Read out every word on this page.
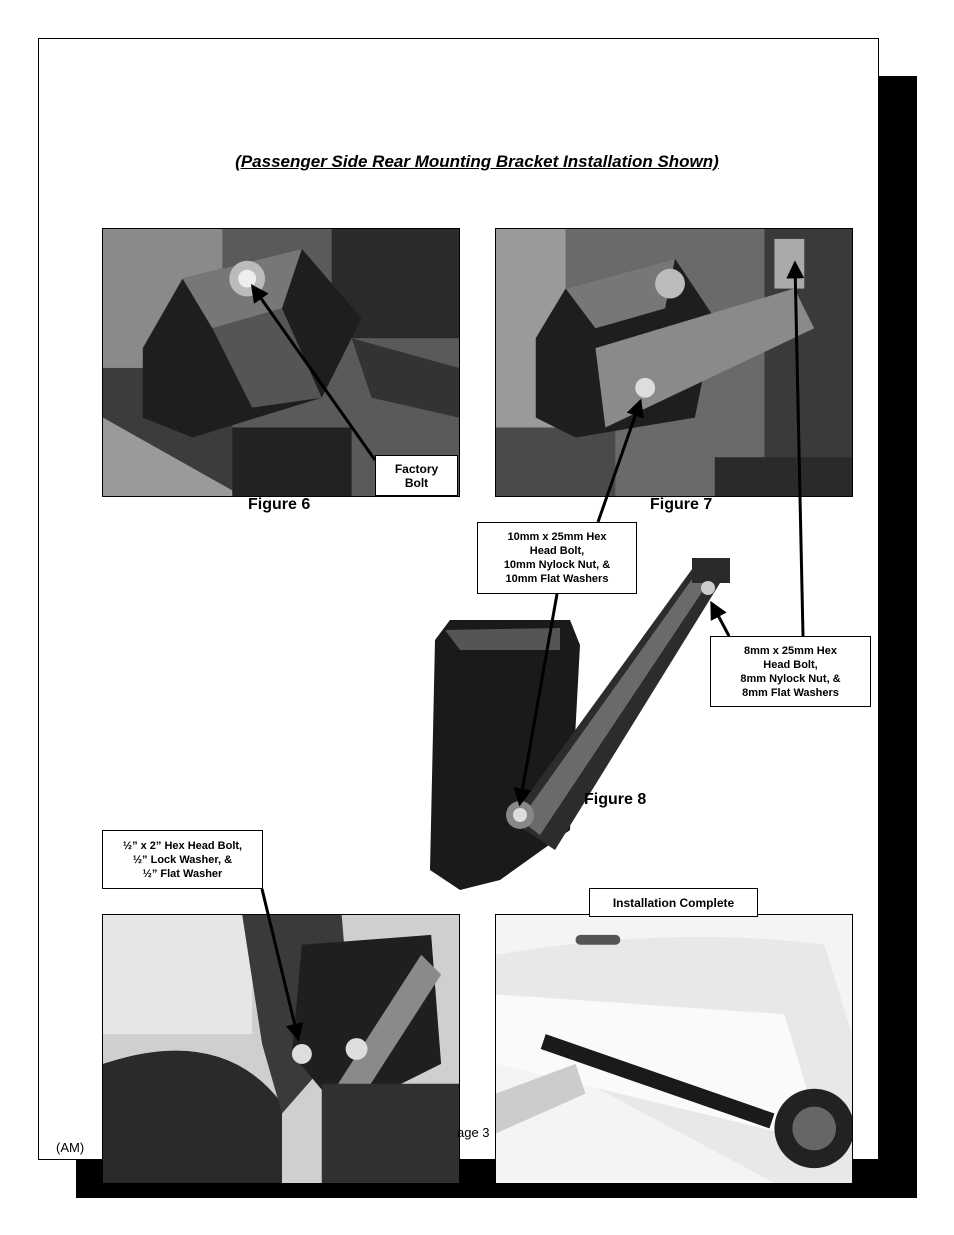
(Passenger Side Rear Mounting Bracket Installation Shown)
Figure 6	Figure 7
Figure 8
Factory
Bolt
10mm x 25mm Hex
Head Bolt,
10mm Nylock Nut, &
10mm Flat Washers
8mm x 25mm Hex
Head Bolt,
8mm Nylock Nut, &
8mm Flat Washers
½” x 2” Hex Head Bolt,
½” Lock Washer, &
½” Flat Washer
Installation Complete
(AM)
age 3
